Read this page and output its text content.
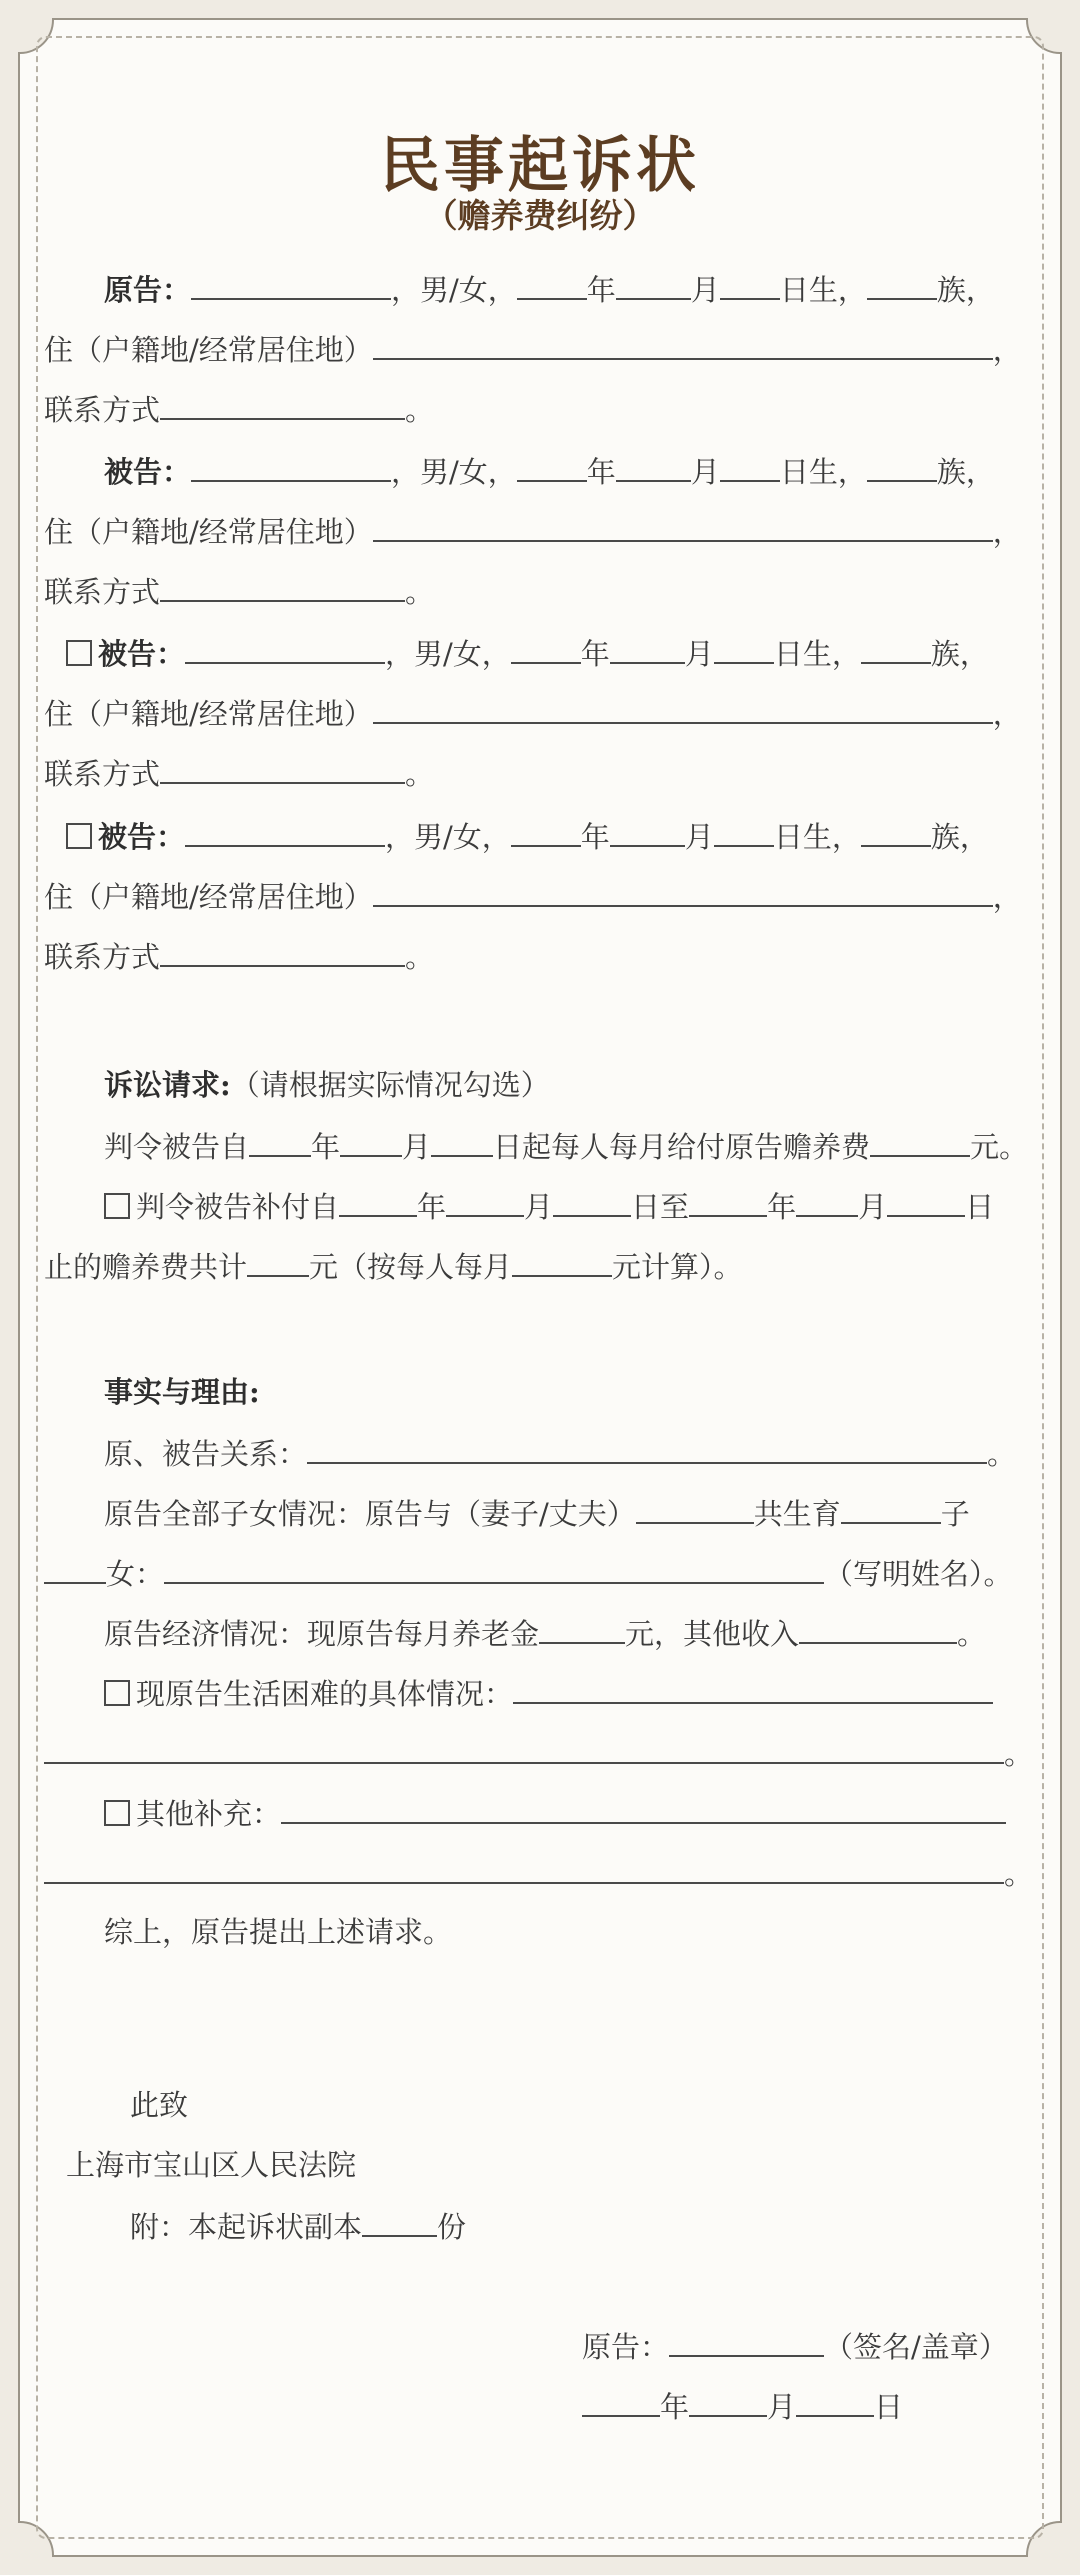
民事起诉状
（赡养费纠纷）
原告：	，男/女， 年	月 日生， 族，
住（户籍地/经常居住地）	，
联系方式	。
被告：	，男/女， 年	月 日生， 族，
住（户籍地/经常居住地）	，
联系方式	。
被告：	，男/女， 年	月 日生， 族，
住（户籍地/经常居住地）	，
联系方式	。
被告：	，男/女， 年	月 日生， 族，
住（户籍地/经常居住地）	，
联系方式	。
诉讼请求:（请根据实际情况勾选）
判令被告自 年 月 日起每人每月给付原告赡养费	元。
判令被告补付自	年	月	日至	年 月	日
止的赡养费共计 元（按每人每月	元计算）。
事实与理由:
原、被告关系：	。
原告全部子女情况：原告与（妻子/丈夫）	共生育	子
女：	（写明姓名）。
原告经济情况：现原告每月养老金	元，其他收入	。
现原告生活困难的具体情况：
。
其他补充：
。
综上，原告提出上述请求。
此致
上海市宝山区人民法院
附：本起诉状副本	份
原告：	（签名/盖章）
年	月	日
